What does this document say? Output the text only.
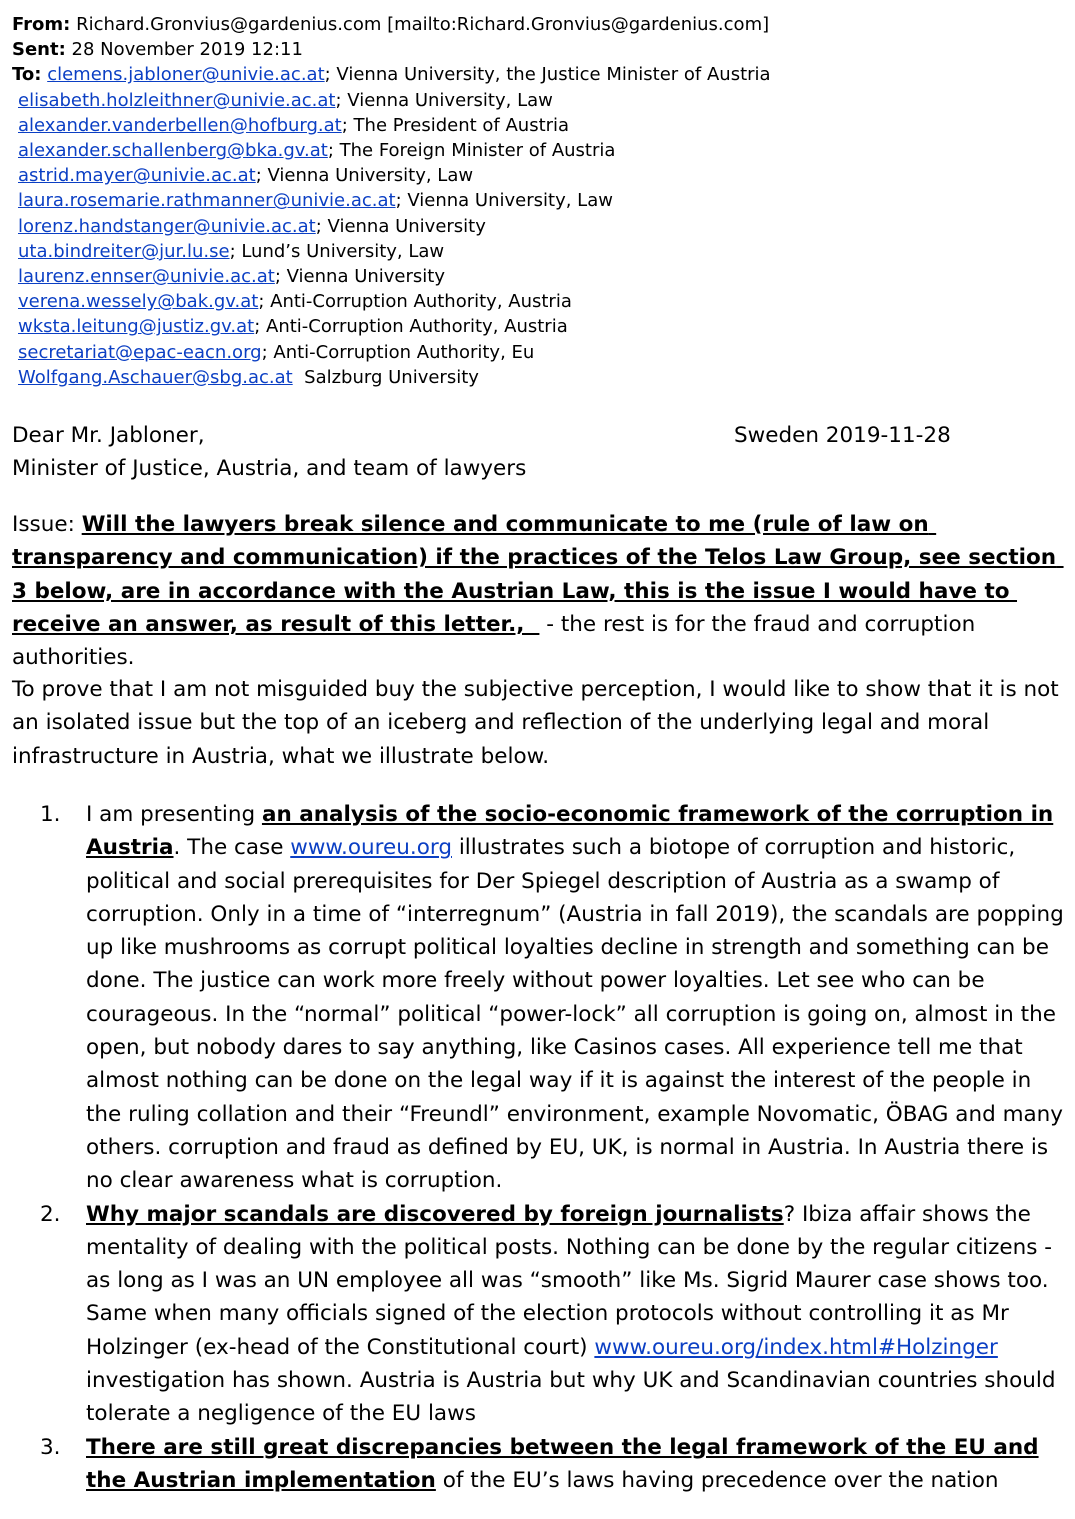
From: Richard.Gronvius@gardenius.com [mailto:Richard.Gronvius@gardenius.com]
Sent: 28 November 2019 12:11
To: clemens.jabloner@univie.ac.at; Vienna University, the Justice Minister of Austria
elisabeth.holzleithner@univie.ac.at; Vienna University, Law
alexander.vanderbellen@hofburg.at; The President of Austria
alexander.schallenberg@bka.gv.at; The Foreign Minister of Austria
astrid.mayer@univie.ac.at; Vienna University, Law
laura.rosemarie.rathmanner@univie.ac.at; Vienna University, Law
lorenz.handstanger@univie.ac.at; Vienna University
uta.bindreiter@jur.lu.se; Lund’s University, Law
laurenz.ennser@univie.ac.at; Vienna University
verena.wessely@bak.gv.at; Anti-Corruption Authority, Austria
wksta.leitung@justiz.gv.at; Anti-Corruption Authority, Austria
secretariat@epac-eacn.org; Anti-Corruption Authority, Eu
Wolfgang.Aschauer@sbg.ac.at  Salzburg University
Dear Mr. Jabloner,	Sweden 2019-11-28
Minister of Justice, Austria, and team of lawyers
Issue: Will the lawyers break silence and communicate to me (rule of law on transparency and communication) if the practices of the Telos Law Group, see section 3 below, are in accordance with the Austrian Law, this is the issue I would have to receive an answer, as result of this letter.,   - the rest is for the fraud and corruption authorities.
To prove that I am not misguided buy the subjective perception, I would like to show that it is not an isolated issue but the top of an iceberg and reflection of the underlying legal and moral infrastructure in Austria, what we illustrate below.
1. I am presenting an analysis of the socio-economic framework of the corruption in Austria. The case www.oureu.org illustrates such a biotope of corruption and historic, political and social prerequisites for Der Spiegel description of Austria as a swamp of corruption. Only in a time of “interregnum” (Austria in fall 2019), the scandals are popping up like mushrooms as corrupt political loyalties decline in strength and something can be done. The justice can work more freely without power loyalties. Let see who can be courageous. In the “normal” political “power-lock” all corruption is going on, almost in the open, but nobody dares to say anything, like Casinos cases. All experience tell me that almost nothing can be done on the legal way if it is against the interest of the people in the ruling collation and their “Freundl” environment, example Novomatic, ÖBAG and many others. corruption and fraud as defined by EU, UK, is normal in Austria. In Austria there is no clear awareness what is corruption.
2. Why major scandals are discovered by foreign journalists? Ibiza affair shows the mentality of dealing with the political posts. Nothing can be done by the regular citizens - as long as I was an UN employee all was “smooth” like Ms. Sigrid Maurer case shows too. Same when many officials signed of the election protocols without controlling it as Mr Holzinger (ex-head of the Constitutional court) www.oureu.org/index.html#Holzinger investigation has shown. Austria is Austria but why UK and Scandinavian countries should tolerate a negligence of the EU laws
3. There are still great discrepancies between the legal framework of the EU and the Austrian implementation of the EU’s laws having precedence over the nation
